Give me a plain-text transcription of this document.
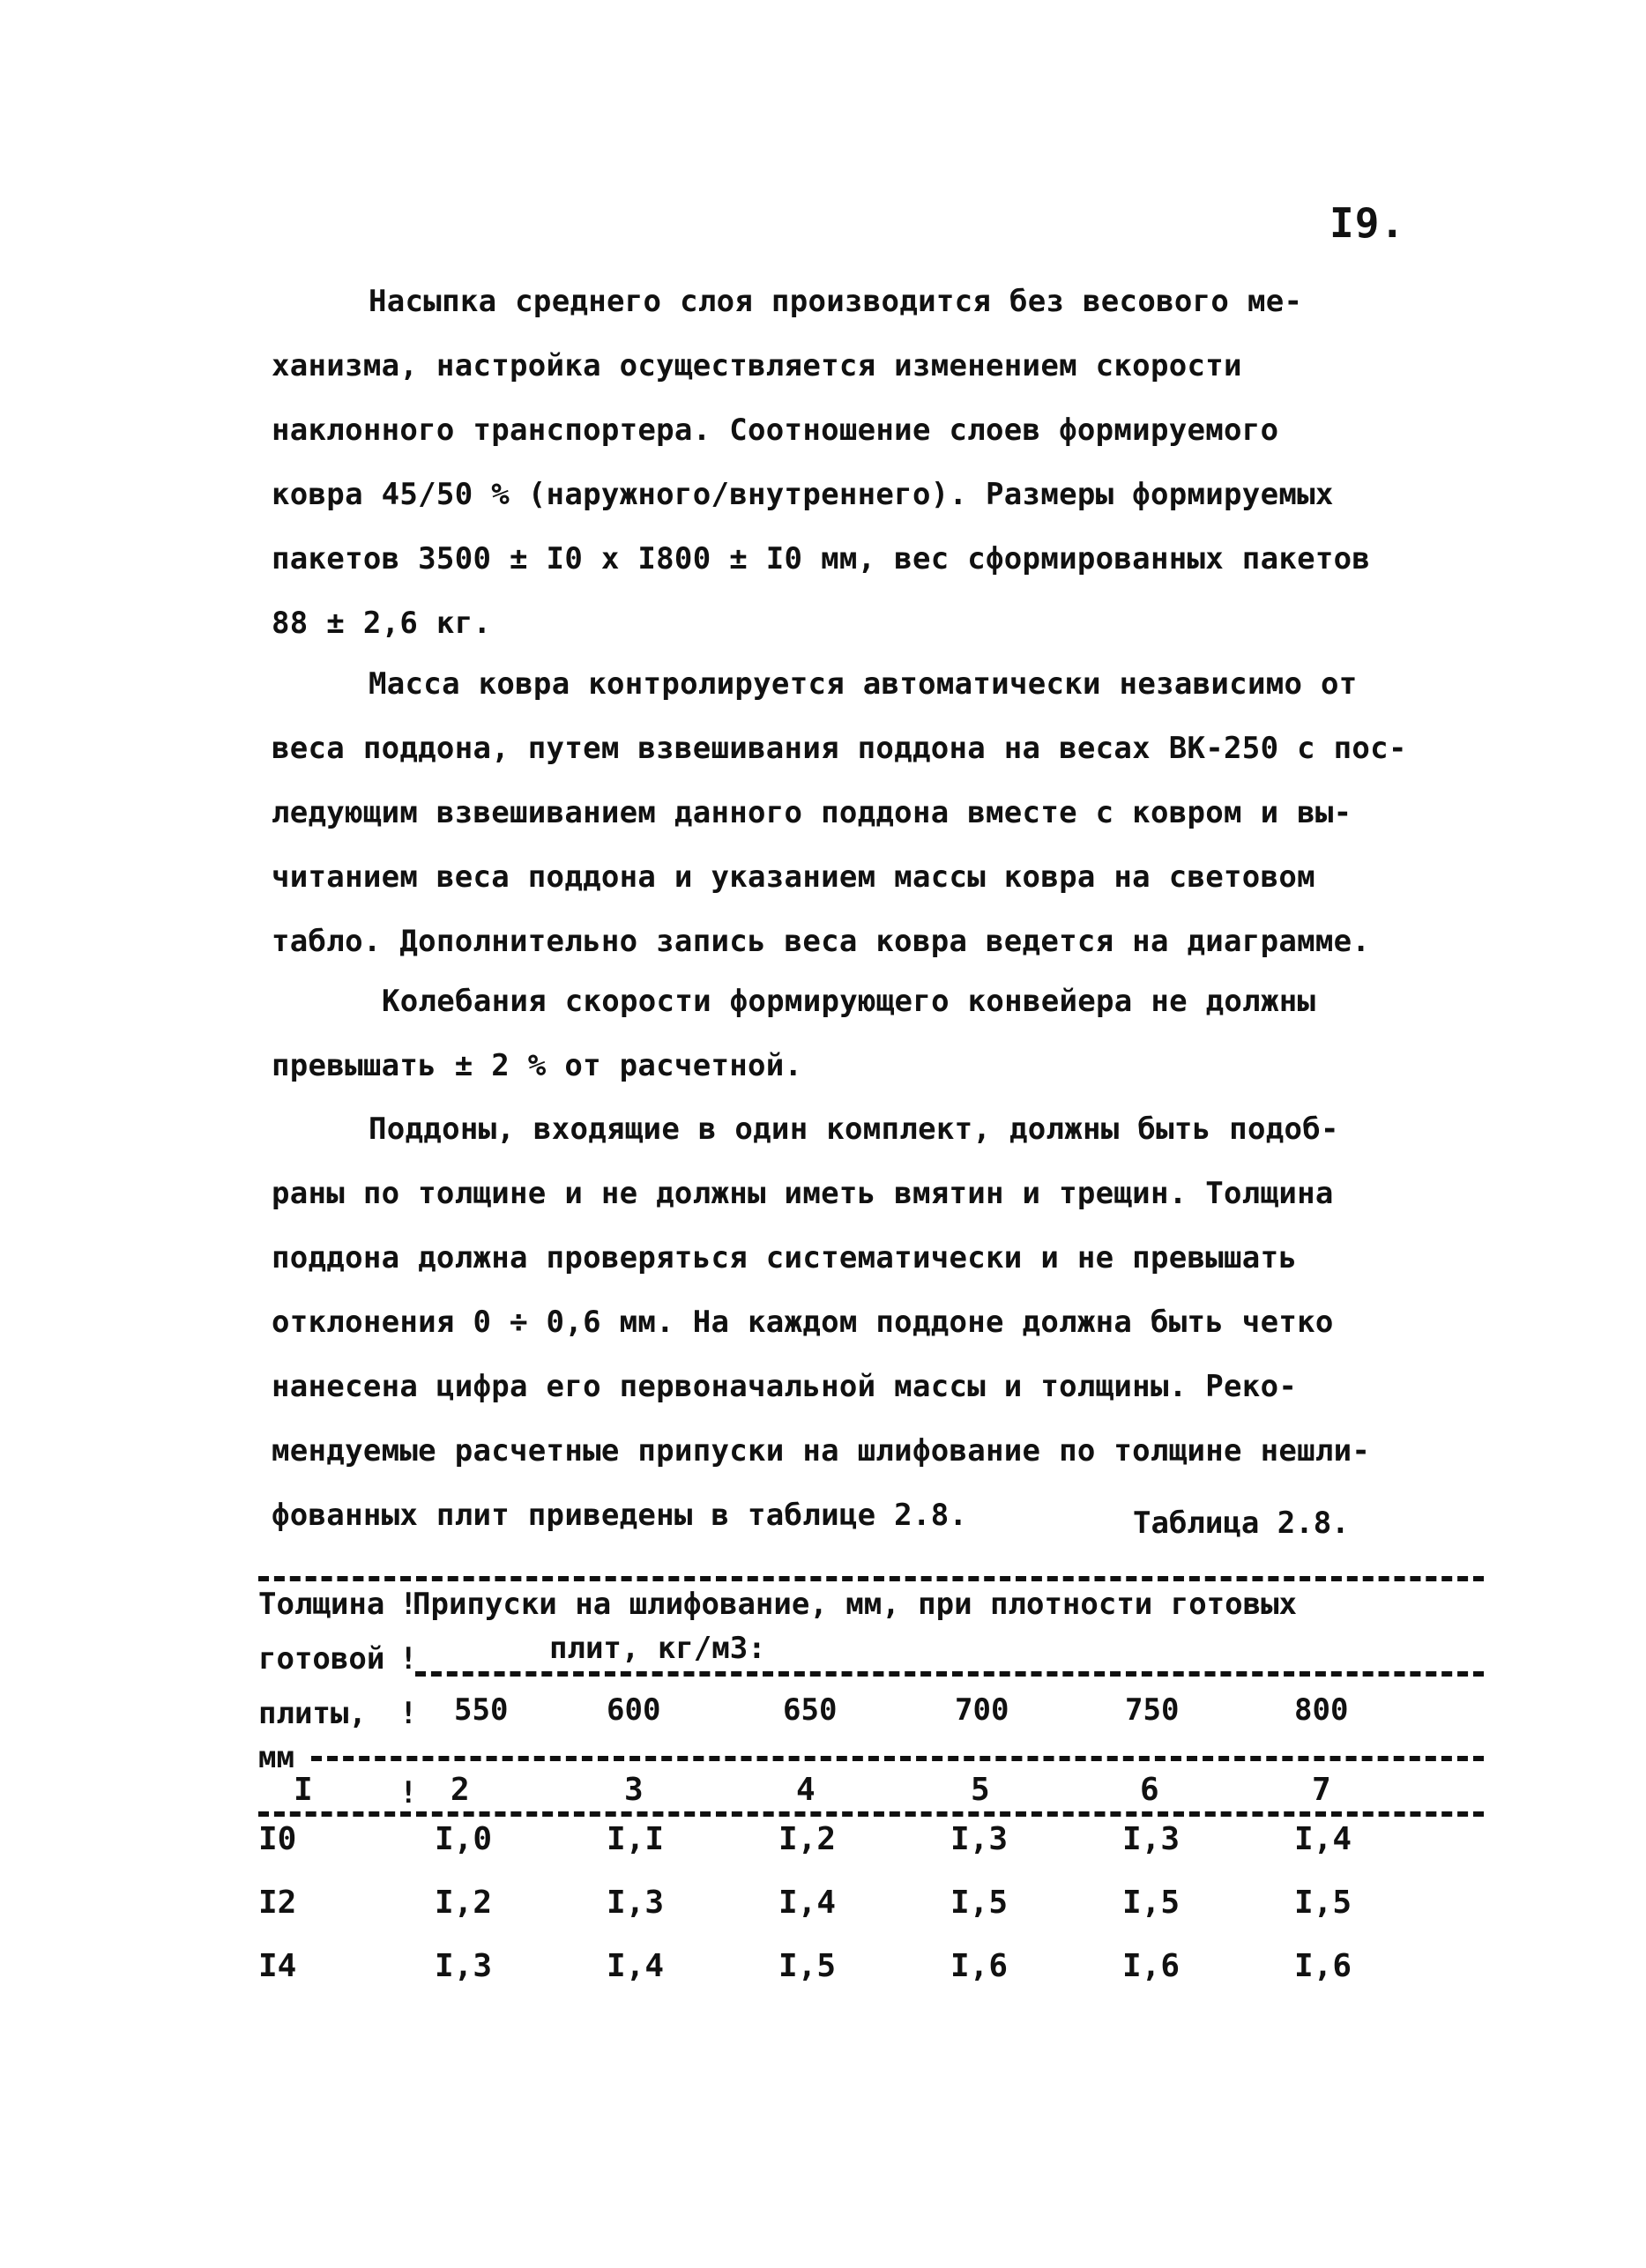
I9.
Насыпка среднего слоя производится без весового ме-
ханизма, настройка осуществляется изменением скорости
наклонного транспортера. Соотношение слоев формируемого
ковра 45/50 % (наружного/внутреннего). Размеры формируемых
пакетов 3500 ± I0 x I800 ± I0 мм, вес сформированных пакетов
88 ± 2,6 кг.
Масса ковра контролируется автоматически независимо от
веса поддона, путем взвешивания поддона на весах ВК-250 с пос-
ледующим взвешиванием данного поддона вместе с ковром и вы-
читанием веса поддона и указанием массы ковра на световом
табло. Дополнительно запись веса ковра ведется на диаграмме.
Колебания скорости формирующего конвейера не должны
превышать ± 2 % от расчетной.
Поддоны, входящие в один комплект, должны быть подоб-
раны по толщине и не должны иметь вмятин и трещин. Толщина
поддона должна проверяться систематически и не превышать
отклонения 0 ÷ 0,6 мм. На каждом поддоне должна быть четко
нанесена цифра его первоначальной массы и толщины. Реко-
мендуемые расчетные припуски на шлифование по толщине нешли-
фованных плит приведены в таблице 2.8.	Таблица 2.8.
Толщина !
Припуски на шлифование, мм, при плотности готовых
готовой !	плит, кг/м3:
плиты, ! 550	600	650	700	750	800
мм
I	! 2	3	4	5	6	7
I0	I,0	I,I	I,2	I,3	I,3	I,4
I2	I,2	I,3	I,4	I,5	I,5	I,5
I4	I,3	I,4	I,5	I,6	I,6	I,6
